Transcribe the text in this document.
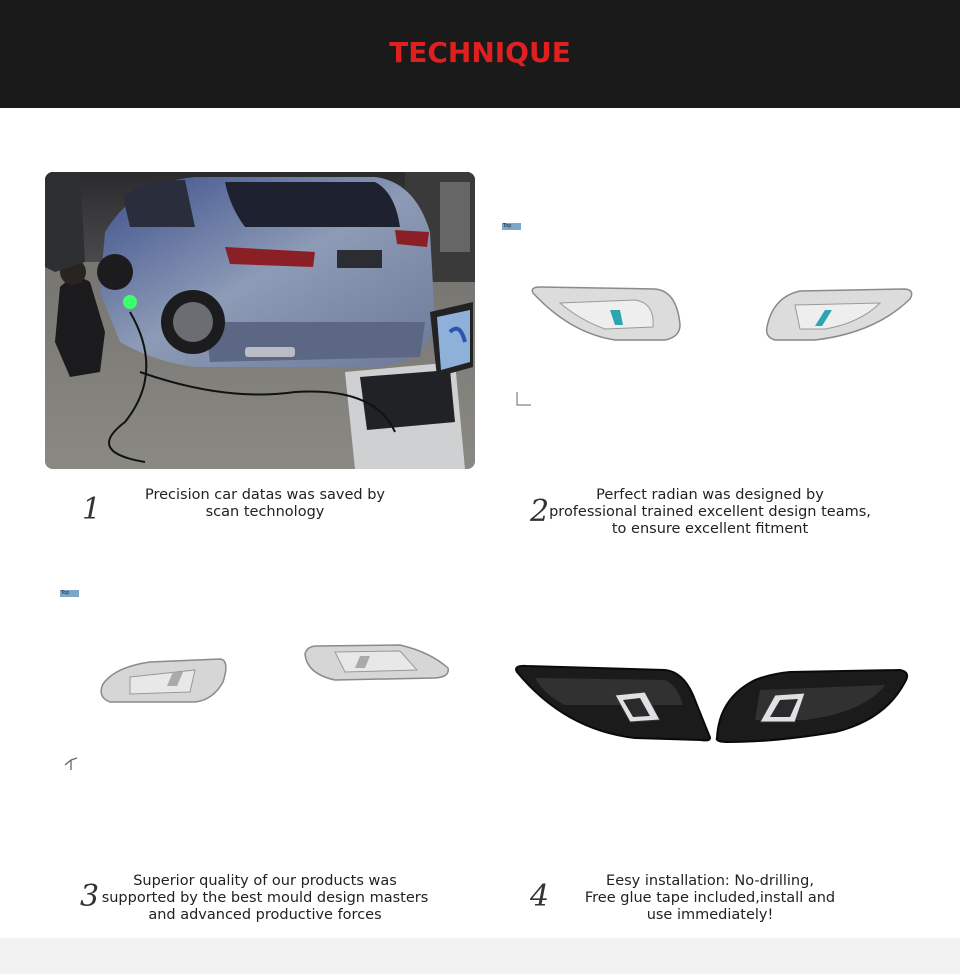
TECHNIQUE
Top
Top
1	Precision car datas was saved by
scan technology	2	Perfect radian was designed by
professional trained excellent design teams,
to ensure excellent fitment
3	Superior quality of our products was
supported by the best mould design masters
and advanced productive forces
4	Eesy installation: No-drilling,
Free glue tape included,install and
use immediately!
